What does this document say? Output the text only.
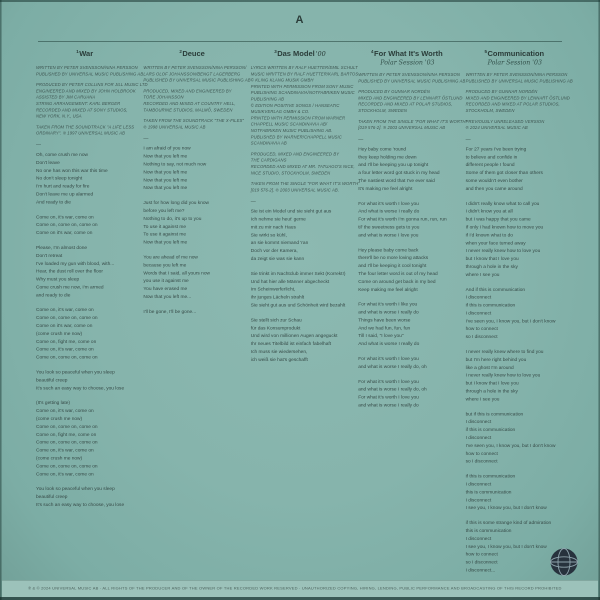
A
$^1$War
WRITTEN BY PETER SVENSSON/NINA PERSSON
PUBLISHED BY UNIVERSAL MUSIC PUBLISHING AB
PRODUCED BY PETER COLLINS FOR JILL MUSIC LTD
ENGINEERED AND MIXED BY JOHN HOLBROOK
ASSISTED BY JIM CARUANA
STRING ARRANGEMENT: KARL BERGER
RECORDED AND MIXED AT SONY STUDIOS,
NEW YORK, N.Y., USA
TAKEN FROM THE SOUNDTRACK "A LIFE LESS
ORDINARY". ℗ 1997 UNIVERSAL MUSIC AB
—
Oh, come crush me now
Don't leave
No one has won this war this time
No don't sleep tonight
I'm hurt and ready for fire
Don't leave me up alarmed
And ready to die
Come on, it's war, come on
Come on, come on, come on
Come on it's war, come on
Please, I'm almost done
Don't retreat
I've loaded my gun with blood, with...
Hear, the dust roll over the floor
Why must you sleep
Come crush me now, I'm armed
and ready to die
Come on, it's war, come on
Come on, come on, come on
Come on it's war, come on
(come crush me now)
Come on, fight me, come on
Come on, it's war, come on
Come on, come on, come on
You look so peaceful when you sleep
beautiful creep
It's such an easy way to choose, you lose
(It's getting late)
Come on, it's war, come on
(come crush me now)
Come on, come on, come on
Come on, fight me, come on
Come on, come on, come on
Come on, it's war, come on
(come crush me now)
Come on, come on, come on
Come on, it's war, come on
You look so peaceful when you sleep
beautiful creep
It's such an easy way to choose, you lose
$^2$Deuce
WRITTEN BY PETER SVENSSON/NINA PERSSON/
LARS OLOF JOHANSSON/BENGT LAGERBERG
PUBLISHED BY UNIVERSAL MUSIC PUBLISHING AB
PRODUCED, MIXED AND ENGINEERED BY
TORE JOHANSSON
RECORDED AND MIXED AT COUNTRY HELL,
TAMBOURINE STUDIOS, MALMÖ, SWEDEN
TAKEN FROM THE SOUNDTRACK "THE X-FILES"
℗ 1998 UNIVERSAL MUSIC AB
—
I am afraid of you now
Now that you left me
Nothing to say, not much now
Now that you left me
Now that you left me
Now that you left me
Just for how long did you know
before you left me?
Nothing to do, it's up to you
To use it against me
To use it against me
Now that you left me
You are ahead of me now
because you left me
Words that I said, all yours now
you use it against me
You have erased me
Now that you left me...
I'll be gone, I'll be gone...
$^3$Das Model'00
LYRICS WRITTEN BY RALF HUETTER/EMIL SCHULT
MUSIC WRITTEN BY RALF HUETTER/KARL BARTOS
© KLING KLANG MUSIK GMBH
PRINTED WITH PERMISSION FROM SONY MUSIC
PUBLISHING SCANDINAVIA/NOTFABRIKEN MUSIC
PUBLISHING AB
© EDITION POSITIVE SONGS / HANSEATIC
MUSIKVERLAG GMBH & CO.
PRINTED WITH PERMISSION FROM WARNER
CHAPPELL MUSIC SCANDINAVIA AB/
NOTFABRIKEN MUSIC PUBLISHING AB.
PUBLISHED BY WARNER/CHAPPELL MUSIC
SCANDINAVIA AB
PRODUCED, MIXED AND ENGINEERED BY
THE CARDIGANS
RECORDED AND MIXED AT MR. TATUAGO'S NICE,
NICE STUDIO, STOCKHOLM, SWEDEN
TAKEN FROM THE SINGLE "FOR WHAT IT'S WORTH"
[019 576-2]. ℗ 2003 UNIVERSAL MUSIC AB.
—
Sie ist ein Model und sie sieht gut aus
Ich nehme sie heut' gerne
mit zu mir nach Haus
Sie wirkt so kühl,
an sie kommt niemand 'ran
Doch vor der Kamera,
da zeigt sie was sie kann
Sie trinkt im Nachtclub immer Sekt (Korrekt!)
Und hat hier alle Männer abgecheckt
Im Scheinwerferlicht,
ihr junges Lächeln strahlt
Sie sieht gut aus und Schönheit wird bezahlt
Sie stellt sich zur Schau
für das Konsumprodukt
Und wird von millionen Augen angeguckt
Ihr neues Titelbild ist einfach fabelhaft
Ich muss sie wiedersehen,
ich weiß sie hat's geschafft
$^4$For What It's Worth
Polar Session '03
WRITTEN BY PETER SVENSSON/NINA PERSSON
PUBLISHED BY UNIVERSAL MUSIC PUBLISHING AB
PRODUCED BY GUNNAR NORDÉN
MIXED AND ENGINEERED BY LENNART ÖSTLUND
RECORDED AND MIXED AT POLAR STUDIOS,
STOCKHOLM, SWEDEN
TAKEN FROM THE SINGLE "FOR WHAT IT'S WORTH"
[019 576-2]. ℗ 2003 UNIVERSAL MUSIC AB
—
Hey baby come 'round
they keep holding me down
and I'll be keeping you up tonight
a four letter word got stuck in my head
The nastiest word that I've ever said
It's making me feel alright
For what it's worth I love you
And what is worse I really do
For what it's worth I'm gonna run, run, run
til' the sweetness gets to you
and what is worse I love you
Hey please baby come back
there'll be no more loving attacks
and I'll be keeping it cool tonight
The four letter word is out of my head
Come on around get back in my bed
Keep making me feel alright
For what it's worth I like you
and what is worse I really do
Things have been worse
And we had fun, fun, fun
Till I said, "I love you"
And what is worse I really do
For what it's worth I love you
and what is worse I really do, oh
For what it's worth I love you
and what is worse I really do, oh
For what it's worth I love you
and what is worse I really do
$^5$Communication
Polar Session '03
WRITTEN BY PETER SVENSSON/NINA PERSSON
PUBLISHED BY UNIVERSAL MUSIC PUBLISHING AB
PRODUCED BY GUNNAR NORDÉN
MIXED AND ENGINEERED BY LENNART ÖSTLUND
RECORDED AND MIXED AT POLAR STUDIOS,
STOCKHOLM, SWEDEN
PREVIOUSLY UNRELEASED VERSION
℗ 2024 UNIVERSAL MUSIC AB
—
For 27 years I've been trying
to believe and confide in
different people I found
Some of them got closer than others
some wouldn't even bother
and then you came around
I didn't really know what to call you
I didn't know you at all
but I was happy that you came
If only I had known how to move you
if I'd known what to do
when your face turned away
I never really knew how to love you
but I know that I love you
through a hole in the sky
where I see you
And if this is communication
I disconnect
if this is communication
I disconnect
I've seen you, I know you, but I don't know
how to connect
so I disconnect
I never really knew where to find you
but I'm here right behind you
like a ghost I'm around
I never really knew how to love you
but I know that I love you
through a hole in the sky
where I see you
but if this is communication
I disconnect
if this is communication
I disconnect
I've seen you, I know you, but I don't know
how to connect
so I disconnect
if this is communication
I disconnect
this is communication
I disconnect
I see you, I know you, but I don't know
if this is some strange kind of admiration
this is communication
I disconnect
I see you, I know you, but I don't know
how to connect
so I disconnect
I disconnect...
℗ & © 2024 UNIVERSAL MUSIC AB · ALL RIGHTS OF THE PRODUCER AND OF THE OWNER OF THE RECORDED WORK RESERVED · UNAUTHORIZED COPYING, HIRING, LENDING, PUBLIC PERFORMANCE AND BROADCASTING OF THIS RECORD PROHIBITED
